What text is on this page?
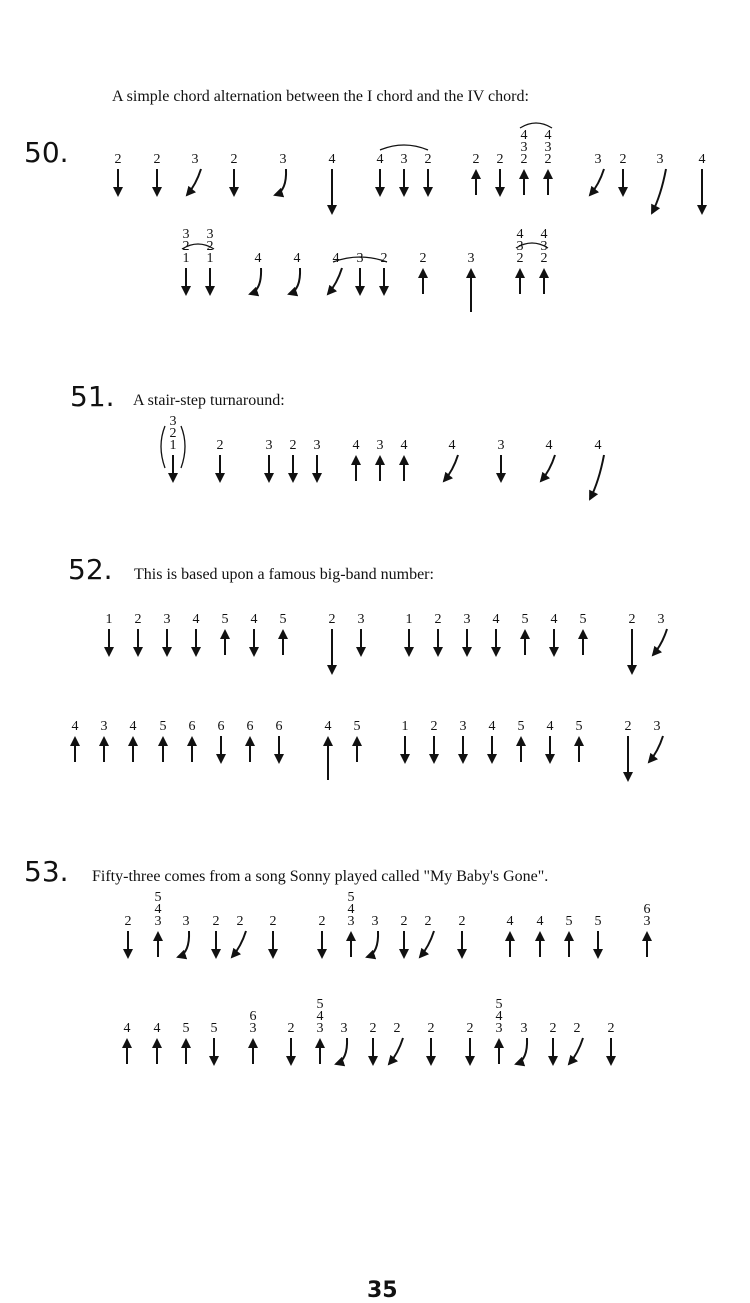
A simple chord alternation between the I chord and the IV chord:
50.
51. A stair-step turnaround:
52. This is based upon a famous big-band number:
53. Fifty-three comes from a song Sonny played called "My Baby's Gone".
2 2 3 2	3	4	4 3 2	2 2
4
3
2
4
3
2	3 2 3	4
3
2
1
3
2
1	4 4 4 3 2 2	3
4
3
2
4
3
2
3
2
1	2	3 2 3 4 3 4	4	3	4	4
1 2 3 4 5 4 5	2 3	1 2 3 4 5 4 5	2 3
4 3 4 5 6 6 6 6	4 5	1 2 3 4 5 4 5	2 3
2
5
4
3 3 2 2 2	2
5
4
3 3 2 2 2	4 4 5 5
6
3
4 4 5 5
6
3 2
5
4
3 3 2 2 2 2
5
4
3 3 2 2 2
35
